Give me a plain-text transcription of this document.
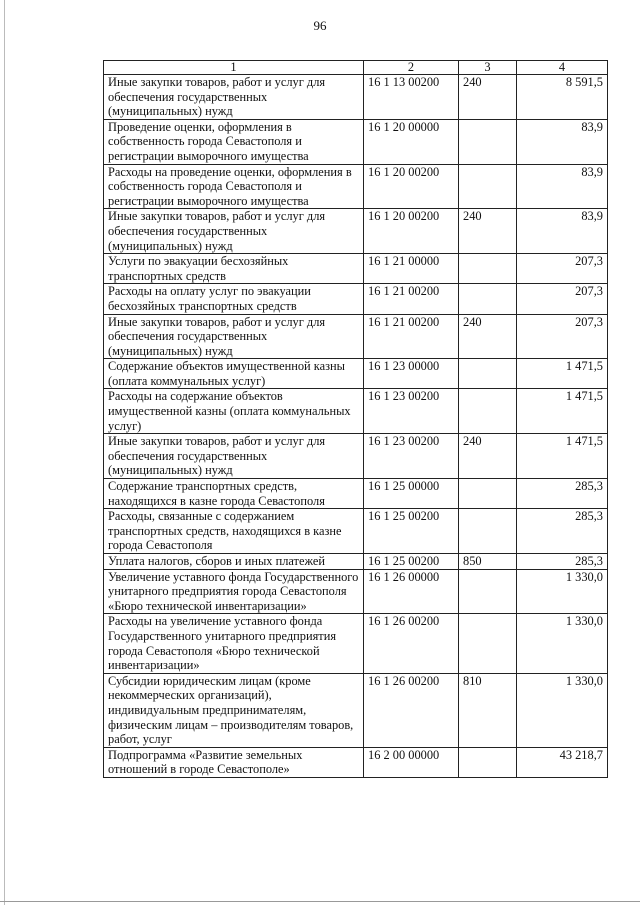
96
1	2	3	4
Иные закупки товаров, работ и услуг для обеспечения государственных (муниципальных) нужд	16 1 13 00200	240	8 591,5
Проведение оценки, оформления в собственность города Севастополя и регистрации выморочного имущества	16 1 20 00000		83,9
Расходы на проведение оценки, оформления в собственность города Севастополя и регистрации выморочного имущества	16 1 20 00200		83,9
Иные закупки товаров, работ и услуг для обеспечения государственных (муниципальных) нужд	16 1 20 00200	240	83,9
Услуги по эвакуации бесхозяйных транспортных средств	16 1 21 00000		207,3
Расходы на оплату услуг по эвакуации бесхозяйных транспортных средств	16 1 21 00200		207,3
Иные закупки товаров, работ и услуг для обеспечения государственных (муниципальных) нужд	16 1 21 00200	240	207,3
Содержание объектов имущественной казны (оплата коммунальных услуг)	16 1 23 00000		1 471,5
Расходы на содержание объектов имущественной казны (оплата коммунальных услуг)	16 1 23 00200		1 471,5
Иные закупки товаров, работ и услуг для обеспечения государственных (муниципальных) нужд	16 1 23 00200	240	1 471,5
Содержание транспортных средств, находящихся в казне города Севастополя	16 1 25 00000		285,3
Расходы, связанные с содержанием транспортных средств, находящихся в казне города Севастополя	16 1 25 00200		285,3
Уплата налогов, сборов и иных платежей	16 1 25 00200	850	285,3
Увеличение уставного фонда Государственного унитарного предприятия города Севастополя «Бюро технической инвентаризации»	16 1 26 00000		1 330,0
Расходы на увеличение уставного фонда Государственного унитарного предприятия города Севастополя «Бюро технической инвентаризации»	16 1 26 00200		1 330,0
Субсидии юридическим лицам (кроме некоммерческих организаций), индивидуальным предпринимателям, физическим лицам – производителям товаров, работ, услуг	16 1 26 00200	810	1 330,0
Подпрограмма «Развитие земельных отношений в городе Севастополе»	16 2 00 00000		43 218,7
